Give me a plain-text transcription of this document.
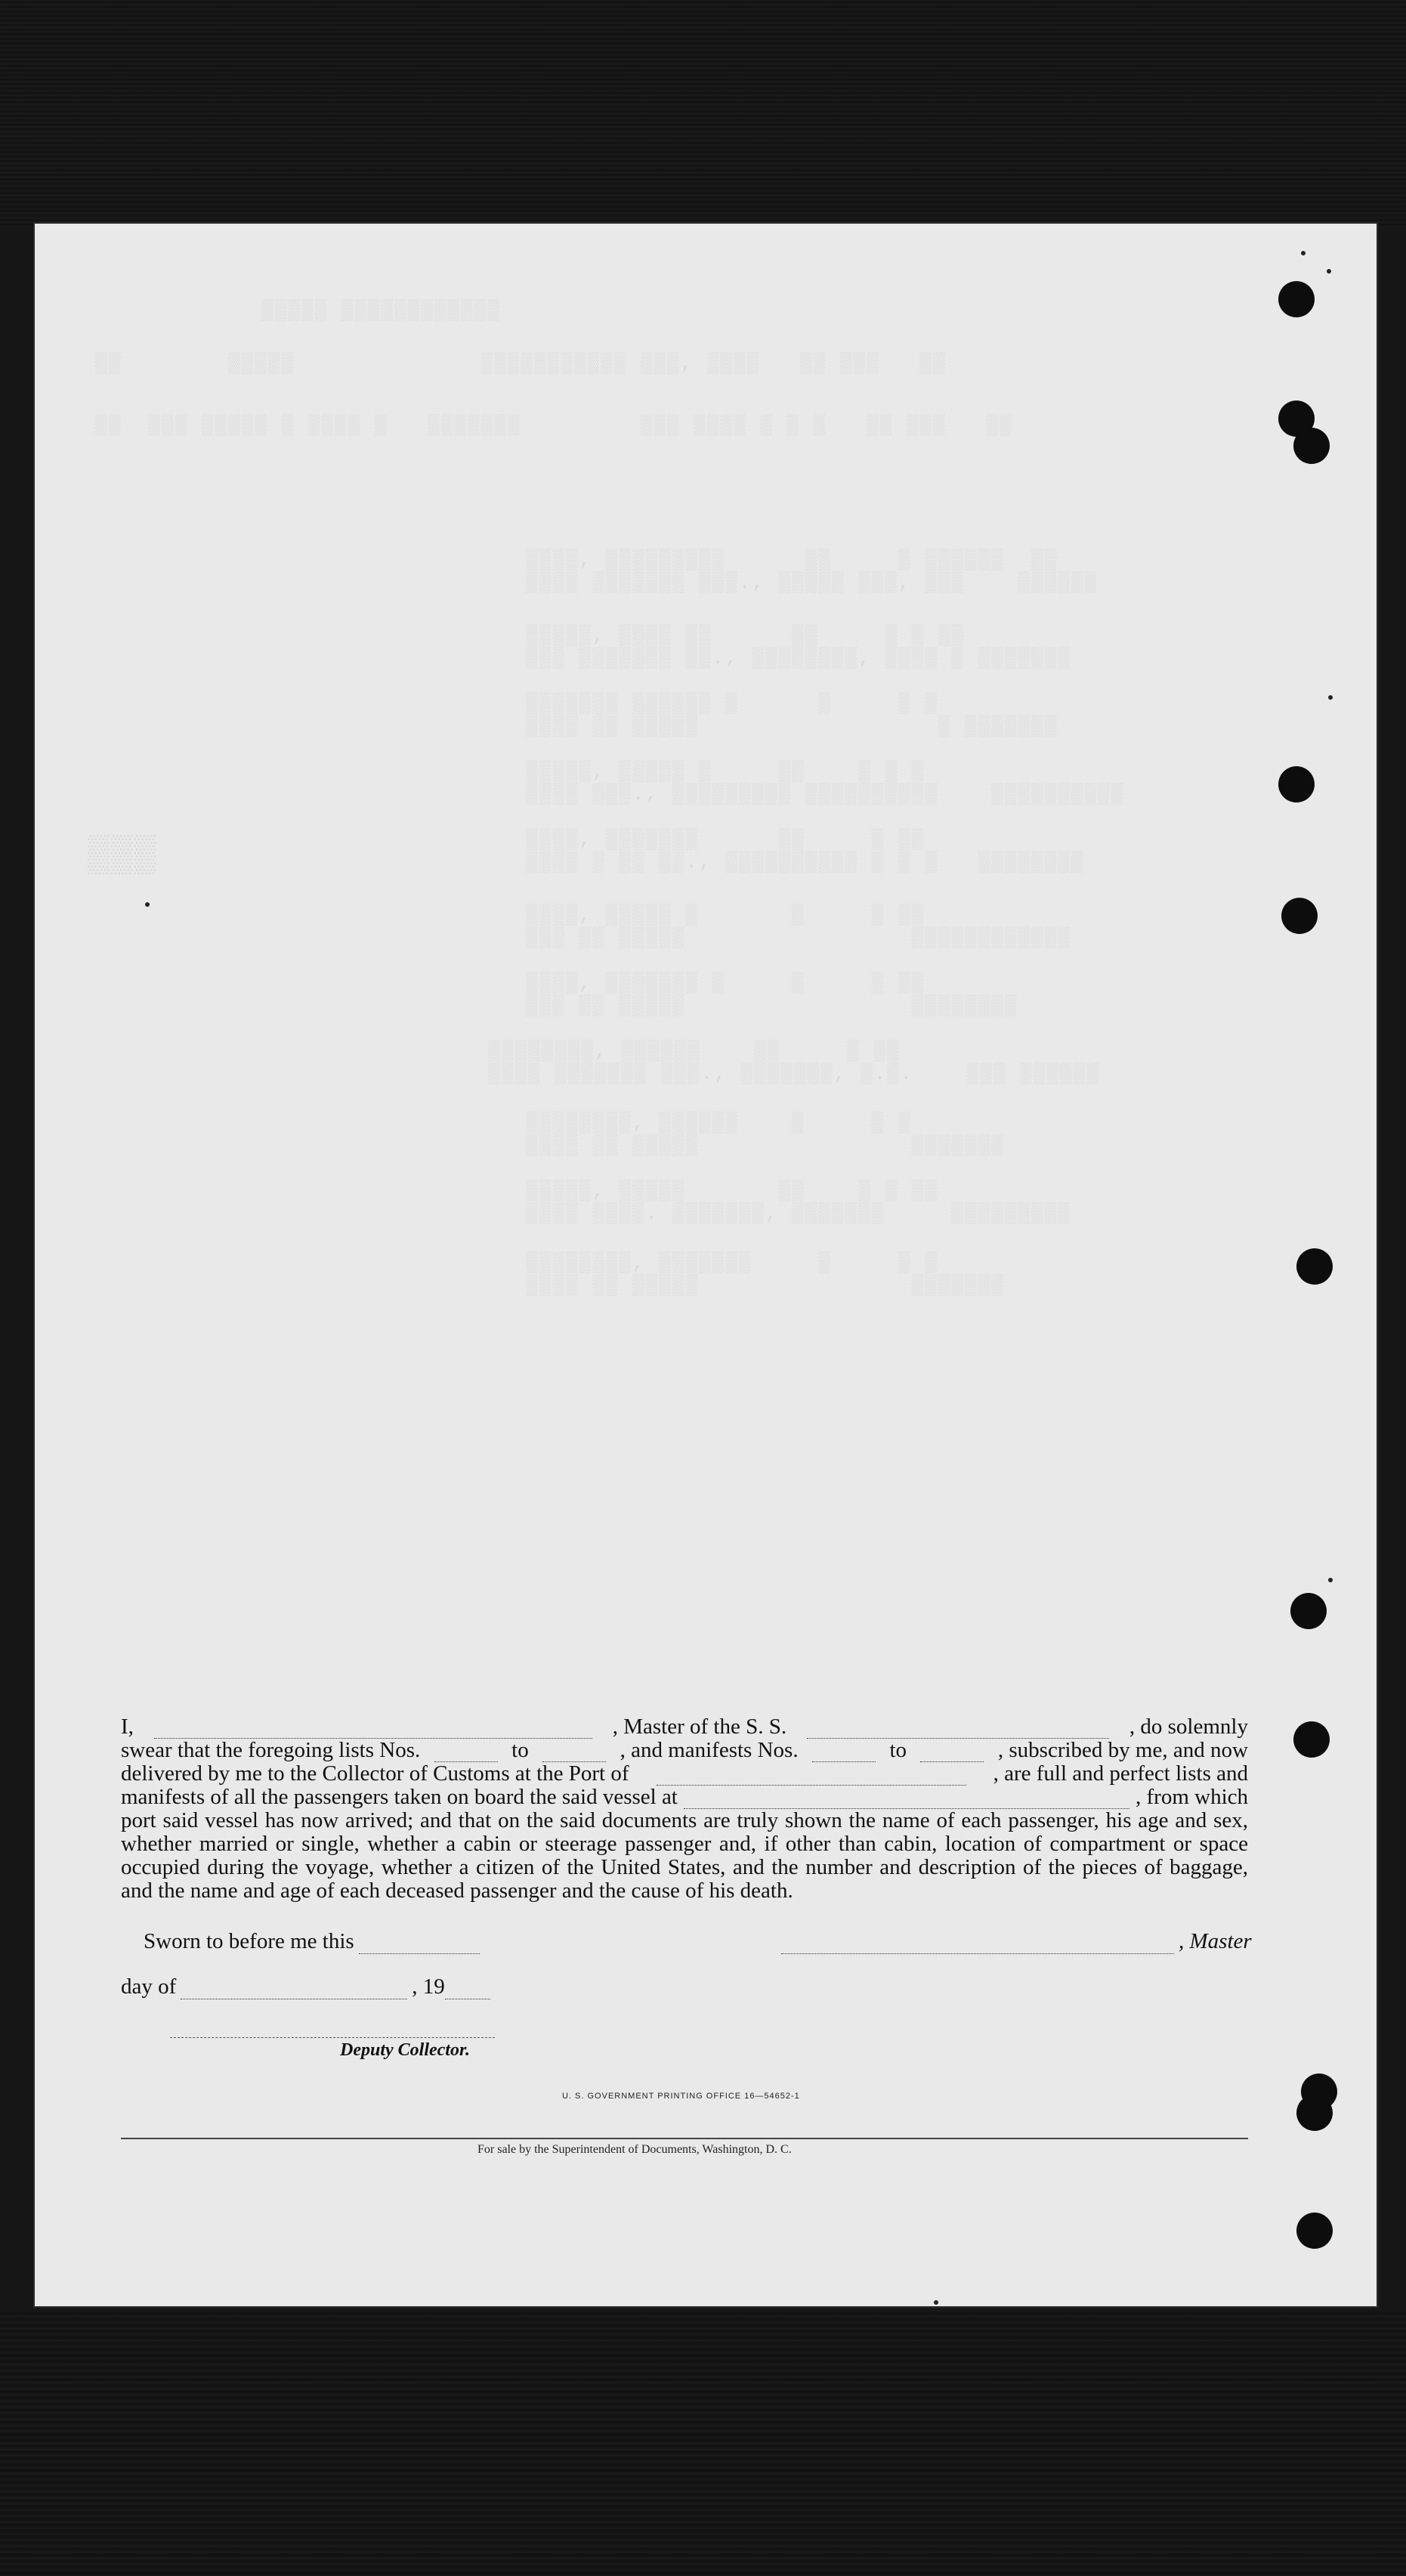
▒▒▒▒▒ ▒▒▒▒▒▒▒▒▒▒▒▒
▒▒        ▒▒▒▒▒              ▒▒▒▒▒▒▒▒▒▒▒ ▒▒▒, ▒▒▒▒   ▒▒ ▒▒▒   ▒▒
▒▒  ▒▒▒ ▒▒▒▒▒ ▒ ▒▒▒▒ ▒   ▒▒▒▒▒▒▒         ▒▒▒ ▒▒▒▒ ▒ ▒ ▒   ▒▒ ▒▒▒   ▒▒
▒▒▒▒, ▒▒▒▒▒▒▒▒▒      ▒▒     ▒ ▒▒▒▒▒▒  ▒▒
▒▒▒▒ ▒▒▒▒▒▒▒ ▒▒▒., ▒▒▒▒▒ ▒▒▒, ▒▒▒    ▒▒▒▒▒▒
▒▒▒▒▒, ▒▒▒▒ ▒▒      ▒▒     ▒ ▒ ▒▒
▒▒▒ ▒▒▒▒▒▒▒ ▒▒., ▒▒▒▒▒▒▒▒, ▒▒▒▒ ▒ ▒▒▒▒▒▒▒
▒▒▒▒▒▒▒ ▒▒▒▒▒▒ ▒      ▒     ▒ ▒
▒▒▒▒ ▒▒ ▒▒▒▒▒                  ▒ ▒▒▒▒▒▒▒
▒▒▒▒▒, ▒▒▒▒▒ ▒     ▒▒    ▒ ▒ ▒
▒▒▒▒ ▒▒▒., ▒▒▒▒▒▒▒▒▒ ▒▒▒▒▒▒▒▒▒▒    ▒▒▒▒▒▒▒▒▒▒
▒▒▒▒, ▒▒▒▒▒▒▒      ▒▒     ▒ ▒▒
▒▒▒▒ ▒ ▒▒ ▒▒., ▒▒▒▒▒▒▒▒▒▒ ▒ ▒ ▒   ▒▒▒▒▒▒▒▒
▒▒▒▒, ▒▒▒▒▒ ▒       ▒     ▒ ▒▒
▒▒▒ ▒▒ ▒▒▒▒▒                 ▒▒▒▒▒▒▒▒▒▒▒▒
▒▒▒▒, ▒▒▒▒▒▒▒ ▒     ▒     ▒ ▒▒
▒▒▒ ▒▒ ▒▒▒▒▒                 ▒▒▒▒▒▒▒▒
▒▒▒▒▒▒▒▒, ▒▒▒▒▒▒    ▒▒     ▒ ▒▒
▒▒▒▒ ▒▒▒▒▒▒▒ ▒▒▒., ▒▒▒▒▒▒▒, ▒.▒.    ▒▒▒ ▒▒▒▒▒▒
▒▒▒▒▒▒▒▒, ▒▒▒▒▒▒    ▒     ▒ ▒
▒▒▒▒ ▒▒ ▒▒▒▒▒                ▒▒▒▒▒▒▒
▒▒▒▒▒, ▒▒▒▒▒       ▒▒    ▒ ▒ ▒▒
▒▒▒▒ ▒▒▒▒. ▒▒▒▒▒▒▒, ▒▒▒▒▒▒▒     ▒▒▒▒▒▒▒▒▒
▒▒▒▒▒▒▒▒, ▒▒▒▒▒▒▒     ▒     ▒ ▒
▒▒▒▒ ▒▒ ▒▒▒▒▒                ▒▒▒▒▒▒▒
▒▒▒
I,	, Master of the S. S.	, do solemnly
swear that the foregoing lists Nos.	to	, and manifests Nos.	to	, subscribed by me, and now
delivered by me to the Collector of Customs at the Port of	, are full and perfect lists and
manifests of all the passengers taken on board the said vessel at	, from which

port said vessel has now arrived; and that on the said documents are truly shown the name of each passenger, his age and sex, whether married or single, whether a cabin or steerage passenger and, if other than cabin, location of compartment or space occupied during the voyage, whether a citizen of the United States, and the number and description of the pieces of baggage, and the name and age of each deceased passenger and the cause of his death.

Sworn to before me this	, Master
day of	, 19
Deputy Collector.
U. S. GOVERNMENT PRINTING OFFICE 16—54652-1
For sale by the Superintendent of Documents, Washington, D. C.
